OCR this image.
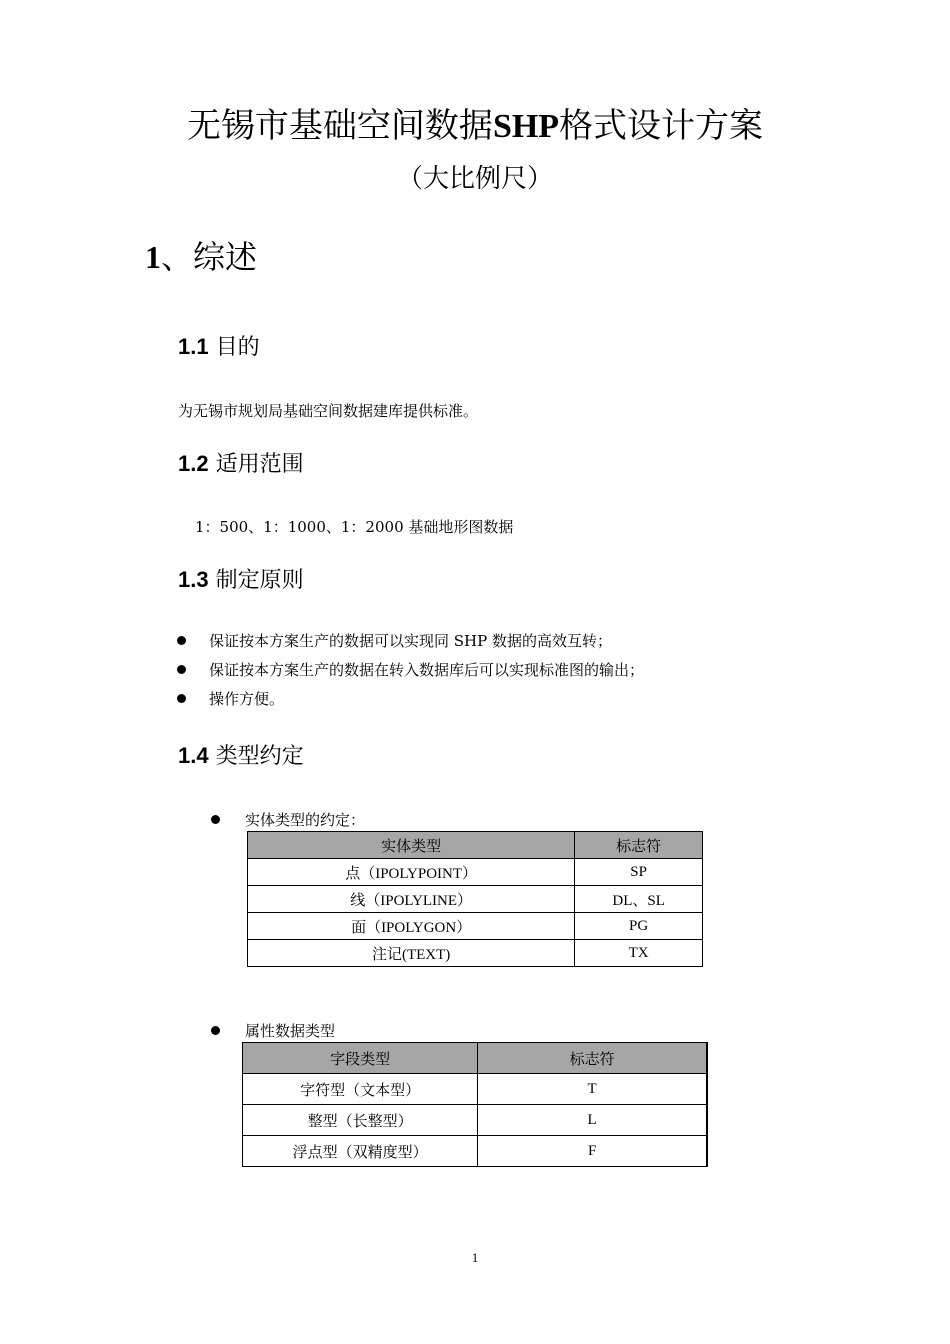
无锡市基础空间数据SHP格式设计方案
（大比例尺）
1、综述
1.1 目的
为无锡市规划局基础空间数据建库提供标准。
1.2 适用范围
1：500、1：1000、1：2000 基础地形图数据
1.3 制定原则
保证按本方案生产的数据可以实现同 SHP 数据的高效互转；
保证按本方案生产的数据在转入数据库后可以实现标准图的输出；
操作方便。
1.4 类型约定
实体类型的约定：
实体类型	标志符
点（IPOLYPOINT）	SP
线（IPOLYLINE）	DL、SL
面（IPOLYGON）	PG
注记(TEXT)	TX
属性数据类型
字段类型	标志符
字符型（文本型）	T
整型（长整型）	L
浮点型（双精度型）	F
1
